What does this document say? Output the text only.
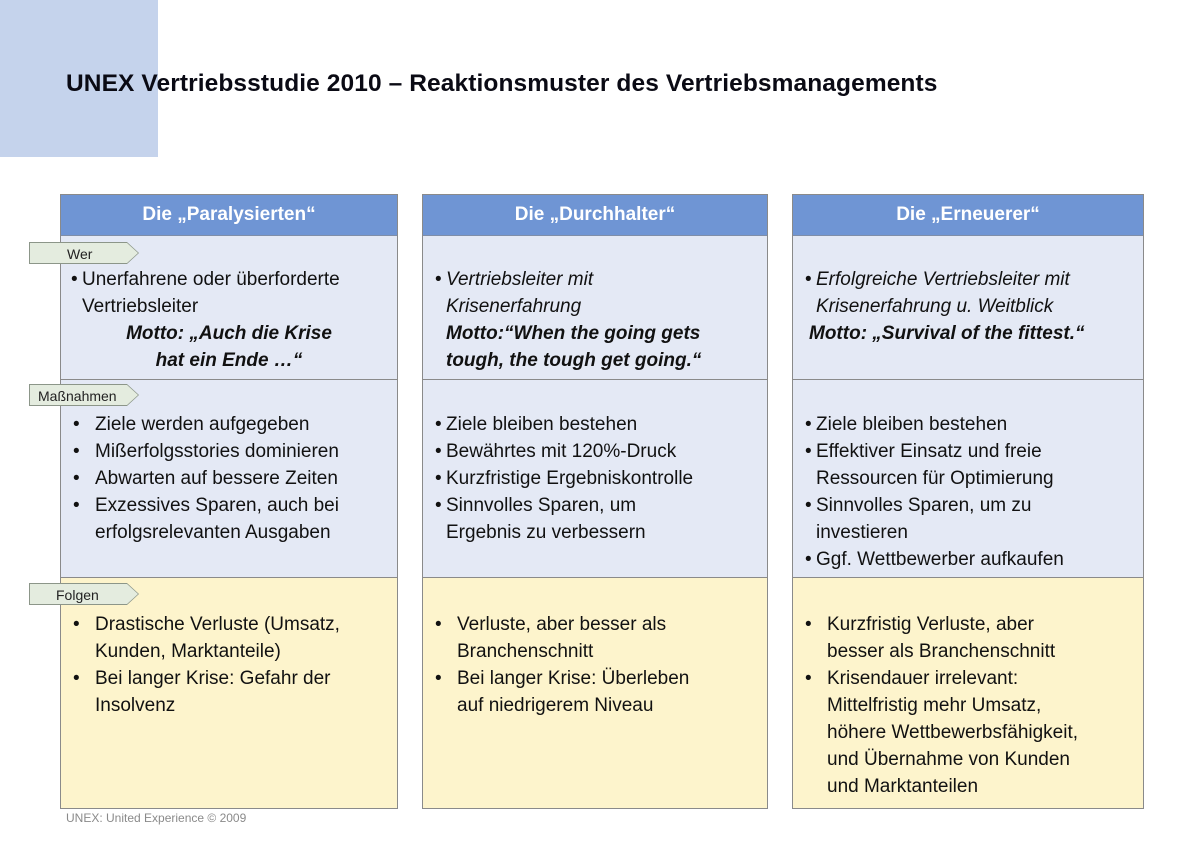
UNEX Vertriebsstudie 2010 – Reaktionsmuster des Vertriebsmanagements
Die „Paralysierten“
• Unerfahrene oder überforderte
Vertriebsleiter
Motto: „Auch die Krise
hat ein Ende …“
• Ziele werden aufgegeben
• Mißerfolgsstories dominieren
• Abwarten auf bessere Zeiten
• Exzessives Sparen, auch bei
erfolgsrelevanten Ausgaben
• Drastische Verluste (Umsatz,
Kunden, Marktanteile)
• Bei langer Krise: Gefahr der
Insolvenz
Die „Durchhalter“
• Vertriebsleiter mit
Krisenerfahrung
Motto:“When the going gets
tough, the tough get going.“
• Ziele bleiben bestehen
• Bewährtes mit 120%-Druck
• Kurzfristige Ergebniskontrolle
• Sinnvolles Sparen, um
Ergebnis zu verbessern
• Verluste, aber besser als
Branchenschnitt
• Bei langer Krise: Überleben
auf niedrigerem Niveau
Die „Erneuerer“
• Erfolgreiche Vertriebsleiter mit
Krisenerfahrung u. Weitblick
Motto: „Survival of the fittest.“
• Ziele bleiben bestehen
• Effektiver Einsatz und freie
Ressourcen für Optimierung
• Sinnvolles Sparen, um zu
investieren
• Ggf. Wettbewerber aufkaufen
• Kurzfristig Verluste, aber
besser als Branchenschnitt
• Krisendauer irrelevant:
Mittelfristig mehr Umsatz,
höhere Wettbewerbsfähigkeit,
und Übernahme von Kunden
und Marktanteilen
Wer
Maßnahmen
Folgen
UNEX: United Experience © 2009
